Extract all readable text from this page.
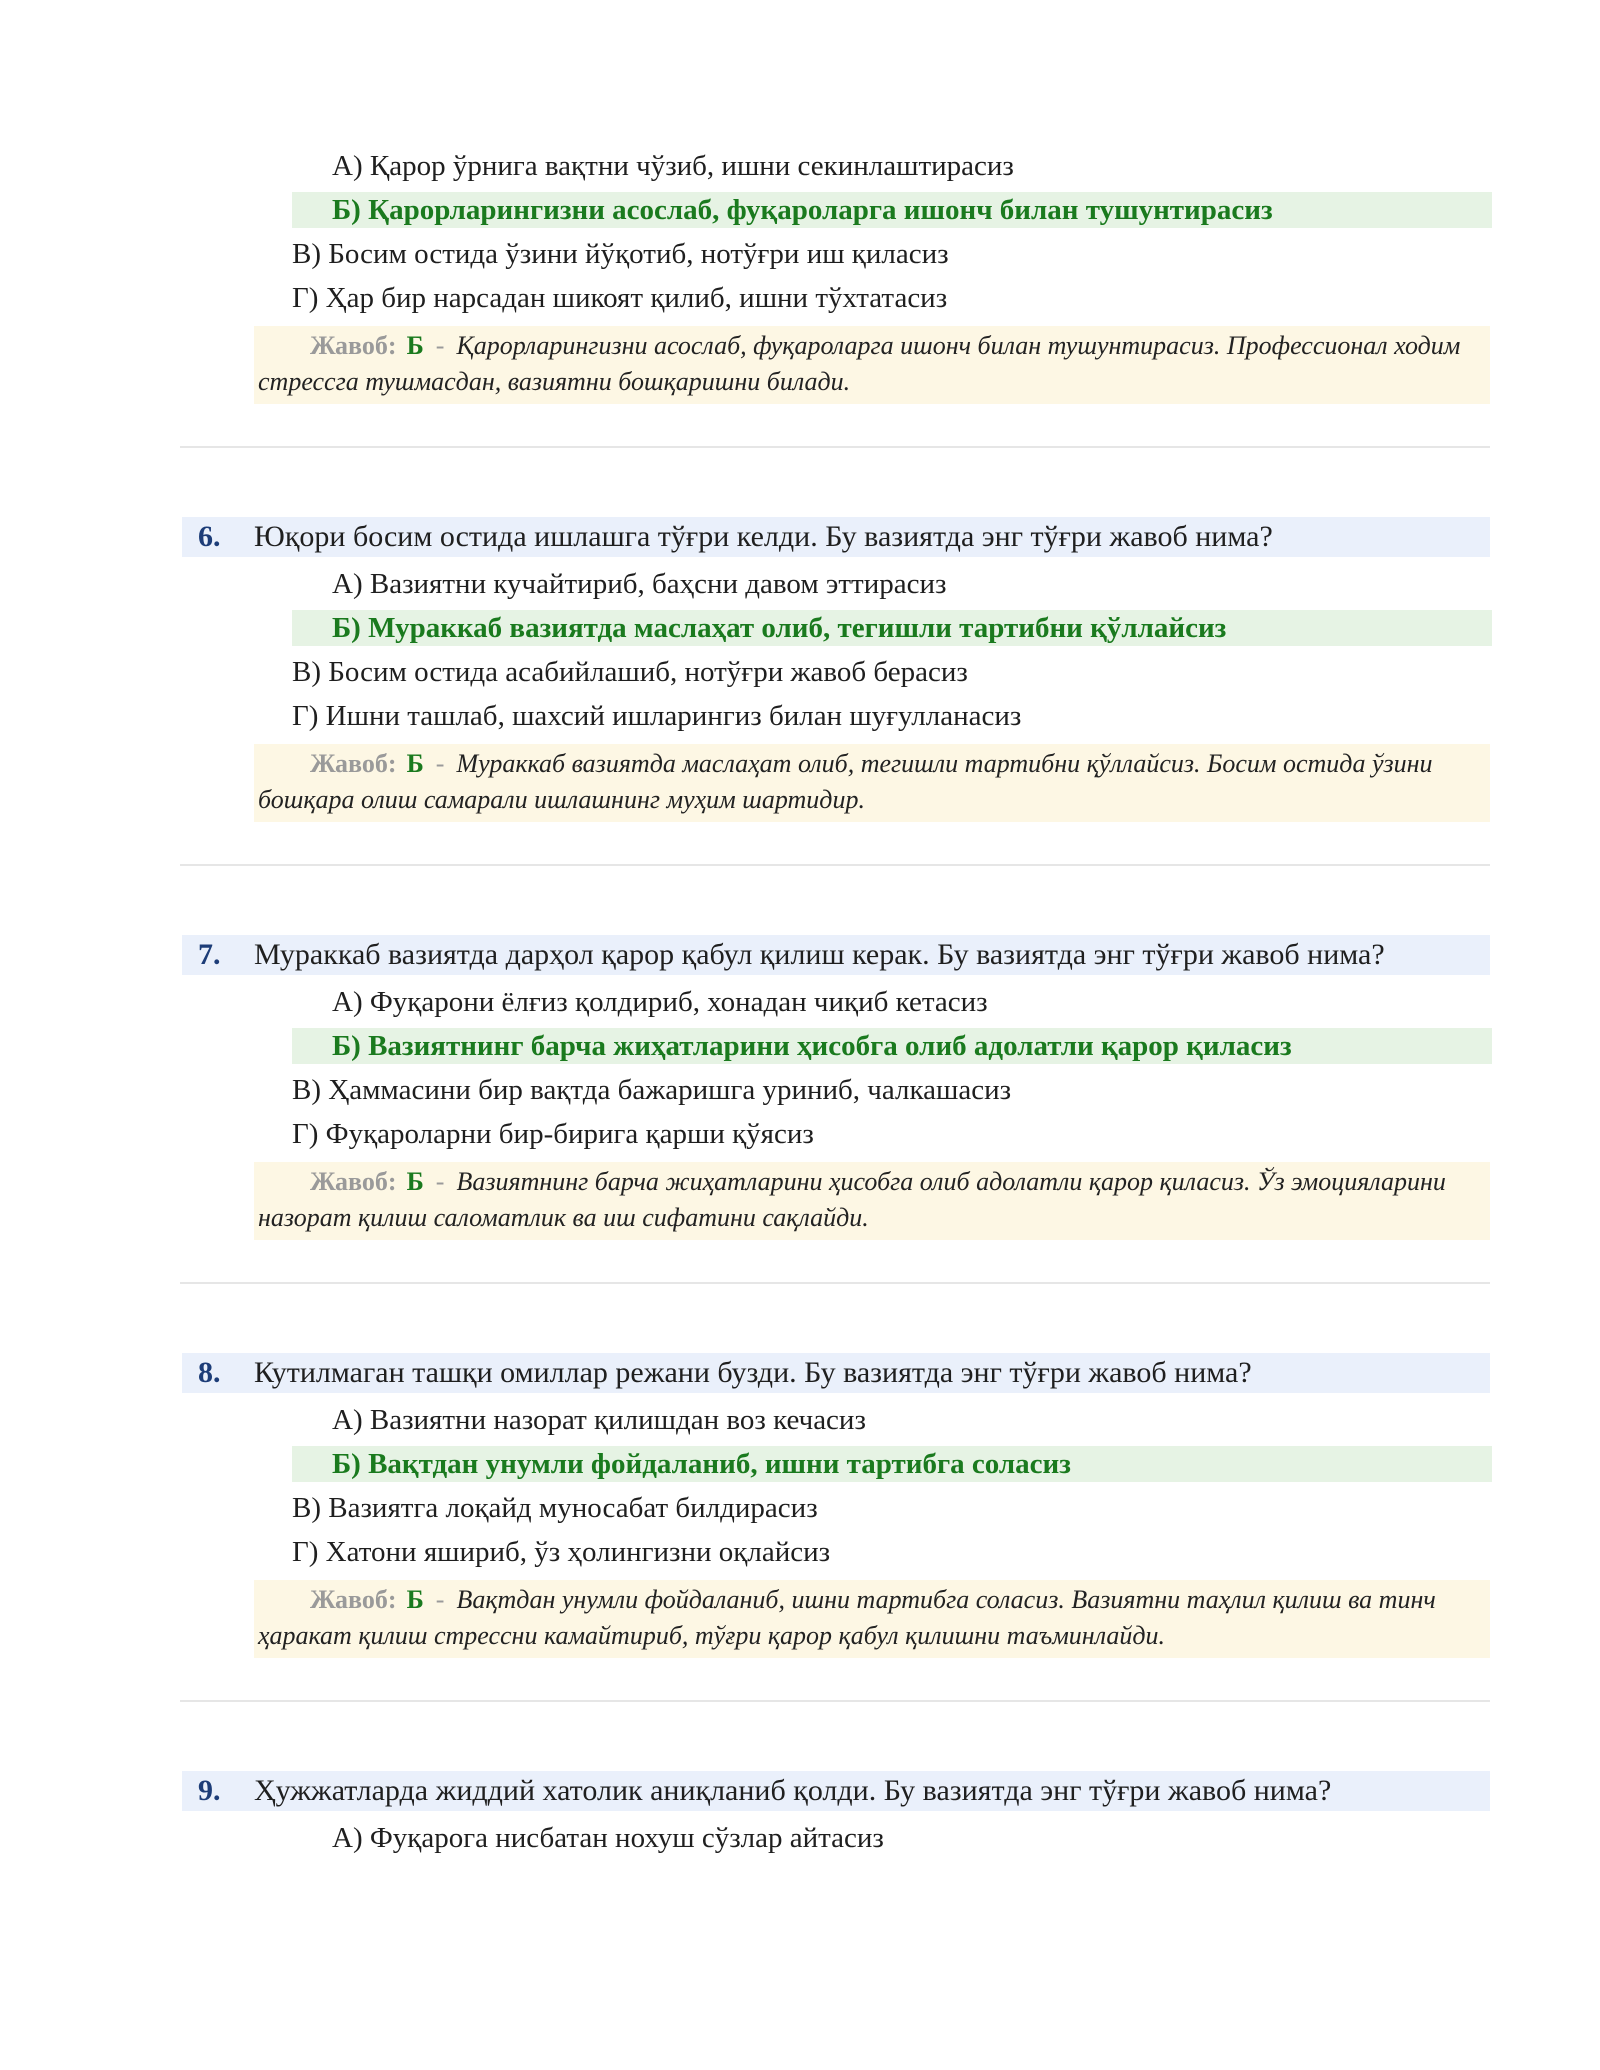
А) Қарор ўрнига вақтни чўзиб, ишни секинлаштирасиз
Б) Қарорларингизни асослаб, фуқароларга ишонч билан тушунтирасиз
В) Босим остида ўзини йўқотиб, нотўғри иш қиласиз
Г) Ҳар бир нарсадан шикоят қилиб, ишни тўхтатасиз
Жавоб: Б - Қарорларингизни асослаб, фуқароларга ишонч билан тушунтирасиз. Профессионал ходим стрессга тушмасдан, вазиятни бошқаришни билади.
6. Юқори босим остида ишлашга тўғри келди. Бу вазиятда энг тўғри жавоб нима?
А) Вазиятни кучайтириб, баҳсни давом эттирасиз
Б) Мураккаб вазиятда маслаҳат олиб, тегишли тартибни қўллайсиз
В) Босим остида асабийлашиб, нотўғри жавоб берасиз
Г) Ишни ташлаб, шахсий ишларингиз билан шуғулланасиз
Жавоб: Б - Мураккаб вазиятда маслаҳат олиб, тегишли тартибни қўллайсиз. Босим остида ўзини бошқара олиш самарали ишлашнинг муҳим шартидир.
7. Мураккаб вазиятда дарҳол қарор қабул қилиш керак. Бу вазиятда энг тўғри жавоб нима?
А) Фуқарони ёлғиз қолдириб, хонадан чиқиб кетасиз
Б) Вазиятнинг барча жиҳатларини ҳисобга олиб адолатли қарор қиласиз
В) Ҳаммасини бир вақтда бажаришга уриниб, чалкашасиз
Г) Фуқароларни бир-бирига қарши қўясиз
Жавоб: Б - Вазиятнинг барча жиҳатларини ҳисобга олиб адолатли қарор қиласиз. Ўз эмоцияларини назорат қилиш саломатлик ва иш сифатини сақлайди.
8. Кутилмаган ташқи омиллар режани бузди. Бу вазиятда энг тўғри жавоб нима?
А) Вазиятни назорат қилишдан воз кечасиз
Б) Вақтдан унумли фойдаланиб, ишни тартибга соласиз
В) Вазиятга лоқайд муносабат билдирасиз
Г) Хатони яшириб, ўз ҳолингизни оқлайсиз
Жавоб: Б - Вақтдан унумли фойдаланиб, ишни тартибга соласиз. Вазиятни таҳлил қилиш ва тинч ҳаракат қилиш стрессни камайтириб, тўғри қарор қабул қилишни таъминлайди.
9. Ҳужжатларда жиддий хатолик аниқланиб қолди. Бу вазиятда энг тўғри жавоб нима?
А) Фуқарога нисбатан нохуш сўзлар айтасиз
